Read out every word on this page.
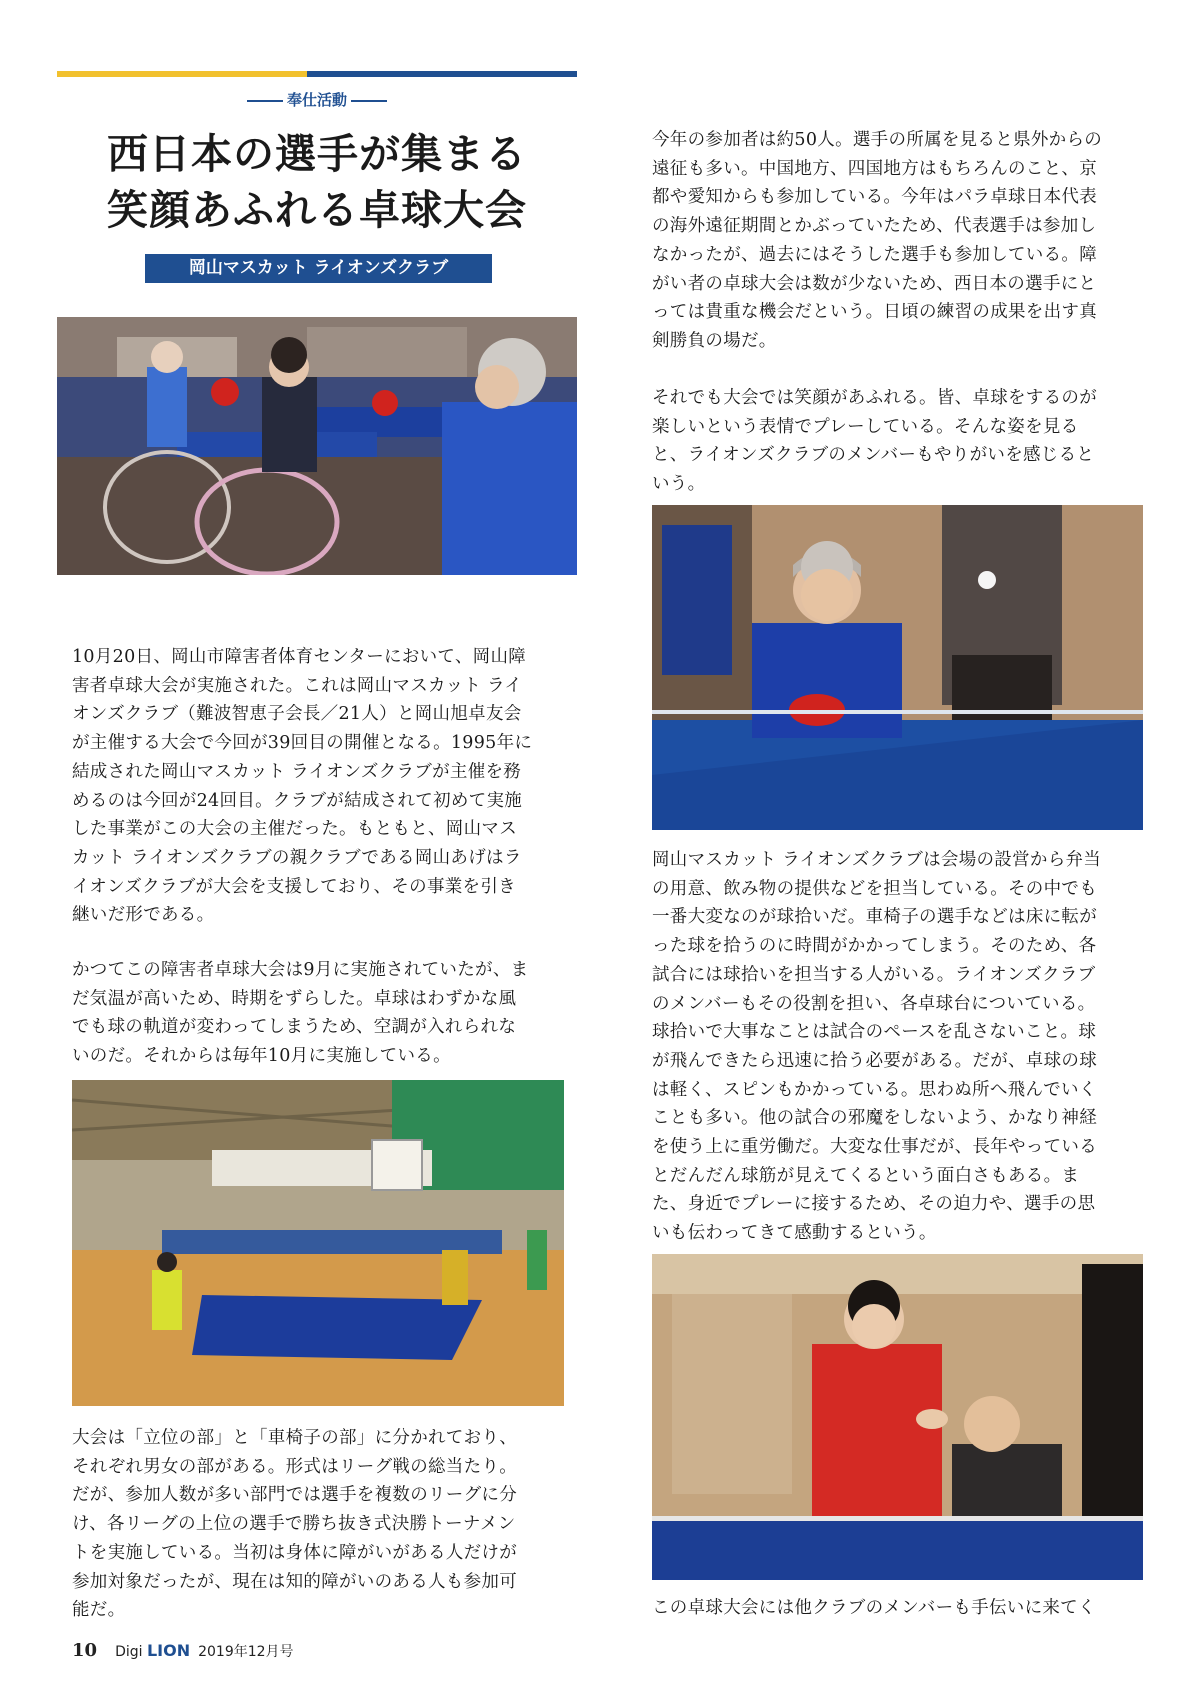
奉仕活動
西日本の選手が集まる
笑顔あふれる卓球大会
岡山マスカット ライオンズクラブ
10月20日、岡山市障害者体育センターにおいて、岡山障
害者卓球大会が実施された。これは岡山マスカット ライ
オンズクラブ（難波智恵子会長／21人）と岡山旭卓友会
が主催する大会で今回が39回目の開催となる。1995年に
結成された岡山マスカット ライオンズクラブが主催を務
めるのは今回が24回目。クラブが結成されて初めて実施
した事業がこの大会の主催だった。もともと、岡山マス
カット ライオンズクラブの親クラブである岡山あげはラ
イオンズクラブが大会を支援しており、その事業を引き
継いだ形である。
かつてこの障害者卓球大会は9月に実施されていたが、ま
だ気温が高いため、時期をずらした。卓球はわずかな風
でも球の軌道が変わってしまうため、空調が入れられな
いのだ。それからは毎年10月に実施している。
大会は「立位の部」と「車椅子の部」に分かれており、
それぞれ男女の部がある。形式はリーグ戦の総当たり。
だが、参加人数が多い部門では選手を複数のリーグに分
け、各リーグの上位の選手で勝ち抜き式決勝トーナメン
トを実施している。当初は身体に障がいがある人だけが
参加対象だったが、現在は知的障がいのある人も参加可
能だ。
今年の参加者は約50人。選手の所属を見ると県外からの
遠征も多い。中国地方、四国地方はもちろんのこと、京
都や愛知からも参加している。今年はパラ卓球日本代表
の海外遠征期間とかぶっていたため、代表選手は参加し
なかったが、過去にはそうした選手も参加している。障
がい者の卓球大会は数が少ないため、西日本の選手にと
っては貴重な機会だという。日頃の練習の成果を出す真
剣勝負の場だ。
それでも大会では笑顔があふれる。皆、卓球をするのが
楽しいという表情でプレーしている。そんな姿を見る
と、ライオンズクラブのメンバーもやりがいを感じると
いう。
岡山マスカット ライオンズクラブは会場の設営から弁当
の用意、飲み物の提供などを担当している。その中でも
一番大変なのが球拾いだ。車椅子の選手などは床に転が
った球を拾うのに時間がかかってしまう。そのため、各
試合には球拾いを担当する人がいる。ライオンズクラブ
のメンバーもその役割を担い、各卓球台についている。
球拾いで大事なことは試合のペースを乱さないこと。球
が飛んできたら迅速に拾う必要がある。だが、卓球の球
は軽く、スピンもかかっている。思わぬ所へ飛んでいく
ことも多い。他の試合の邪魔をしないよう、かなり神経
を使う上に重労働だ。大変な仕事だが、長年やっている
とだんだん球筋が見えてくるという面白さもある。ま
た、身近でプレーに接するため、その迫力や、選手の思
いも伝わってきて感動するという。
この卓球大会には他クラブのメンバーも手伝いに来てく
10 Digi LION 2019年12月号
